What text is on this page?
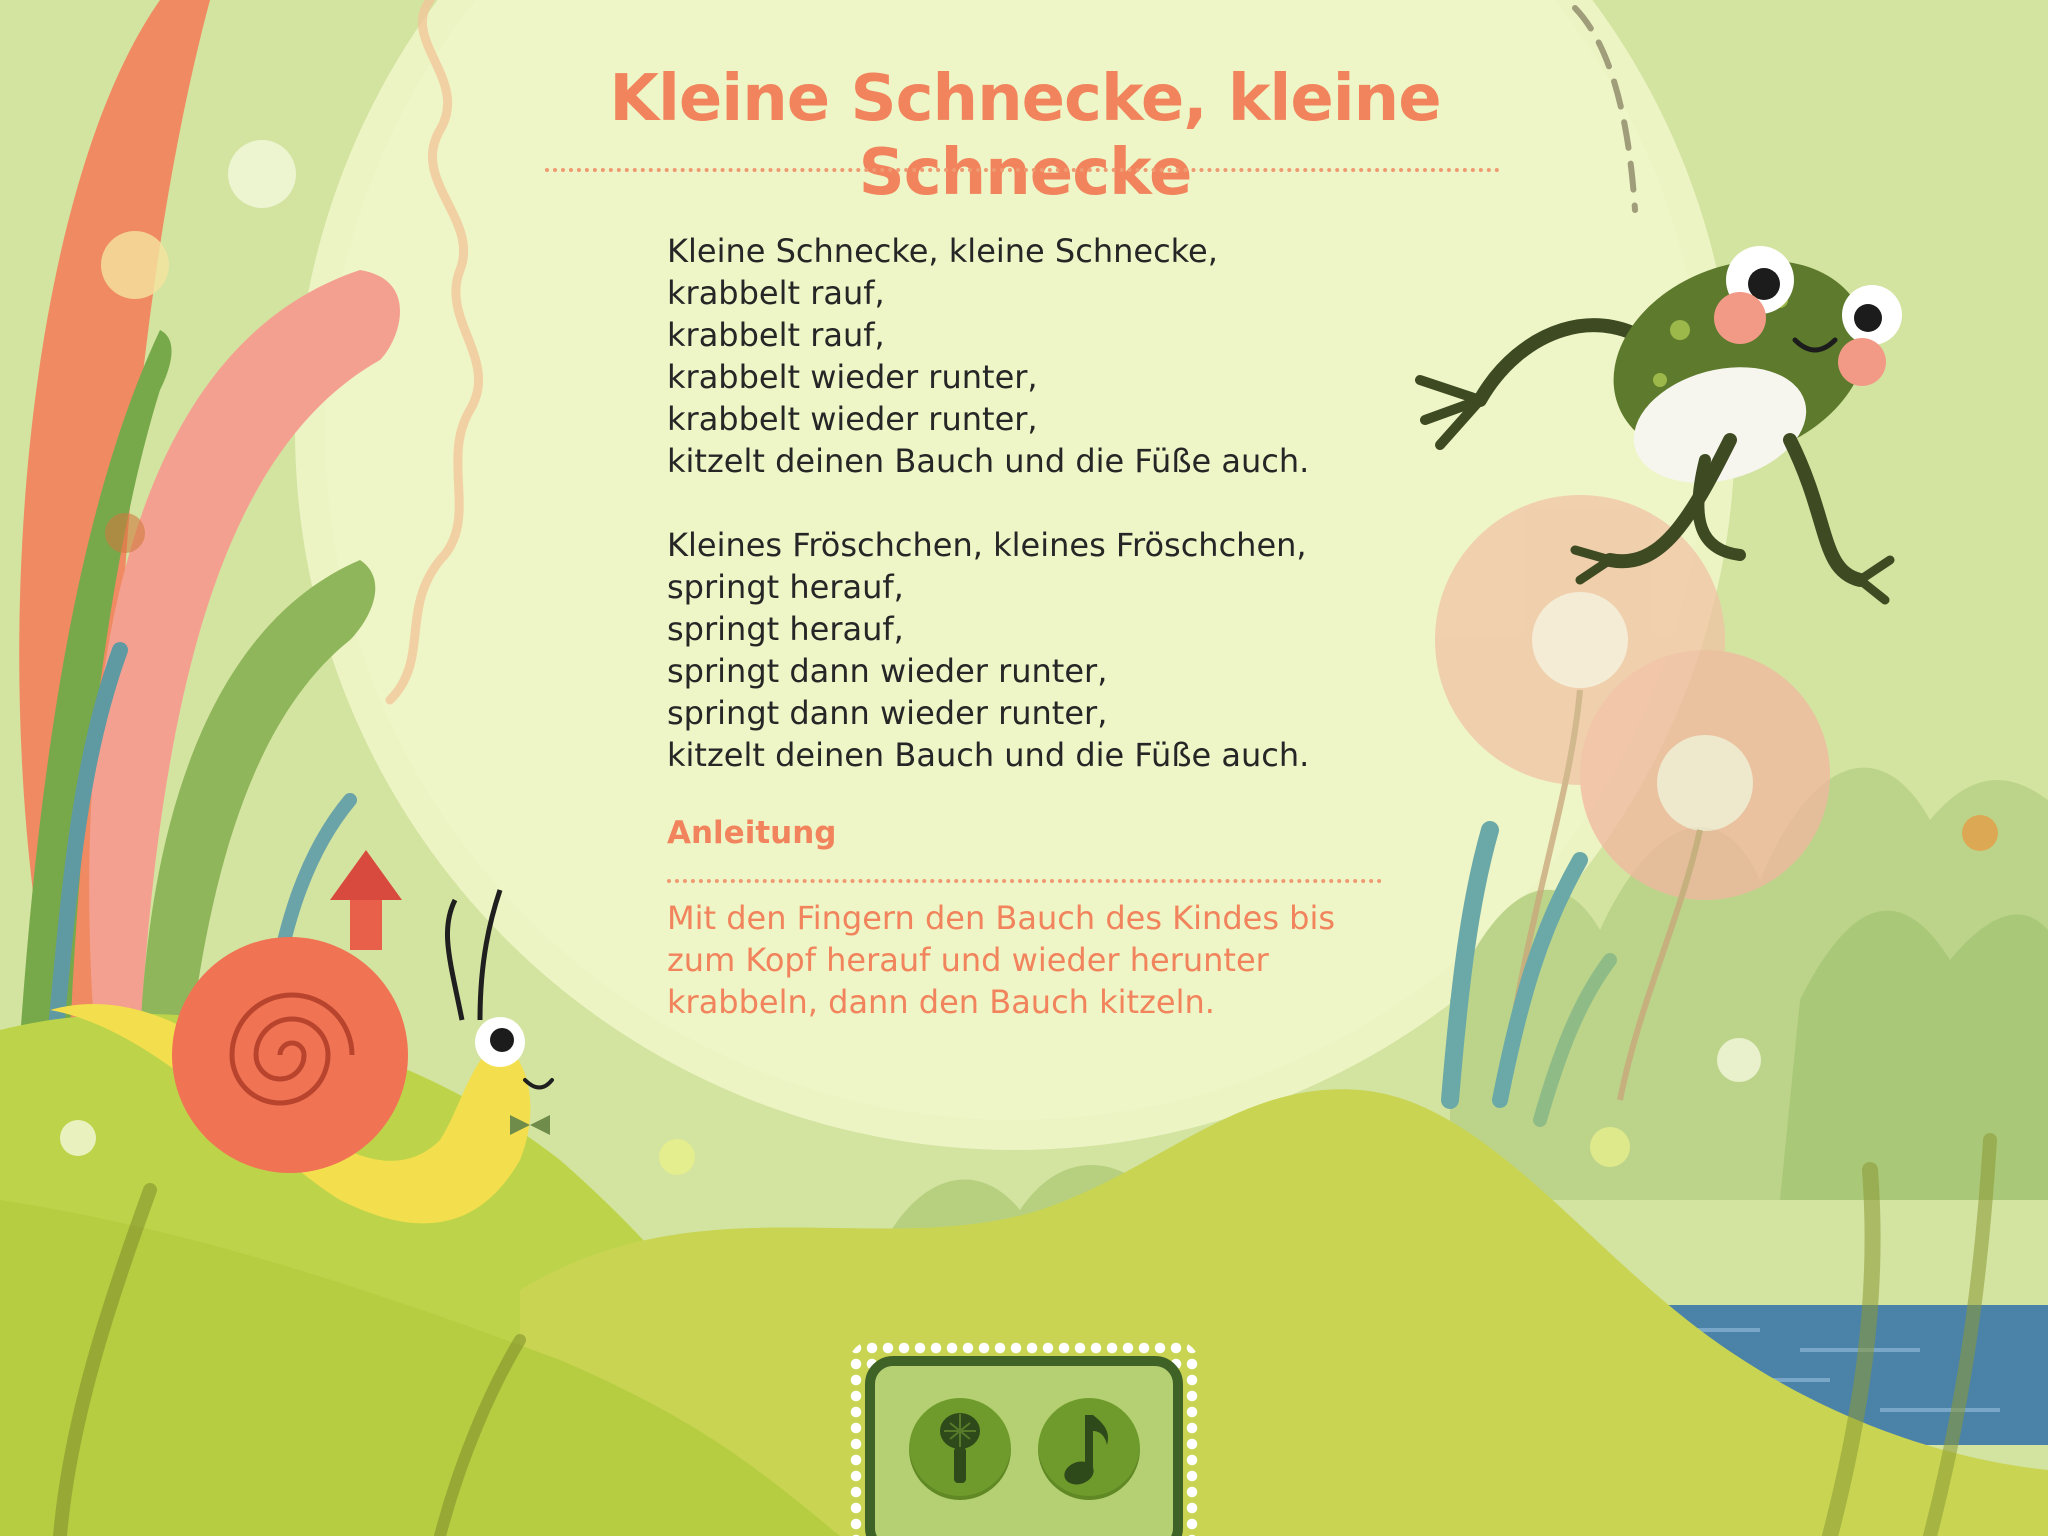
Kleine Schnecke, kleine Schnecke
Kleine Schnecke, kleine Schnecke,
krabbelt rauf,
krabbelt rauf,
krabbelt wieder runter,
krabbelt wieder runter,
kitzelt deinen Bauch und die Füße auch.
Kleines Fröschchen, kleines Fröschchen,
springt herauf,
springt herauf,
springt dann wieder runter,
springt dann wieder runter,
kitzelt deinen Bauch und die Füße auch.
Anleitung
Mit den Fingern den Bauch des Kindes bis
zum Kopf herauf und wieder herunter
krabbeln, dann den Bauch kitzeln.
